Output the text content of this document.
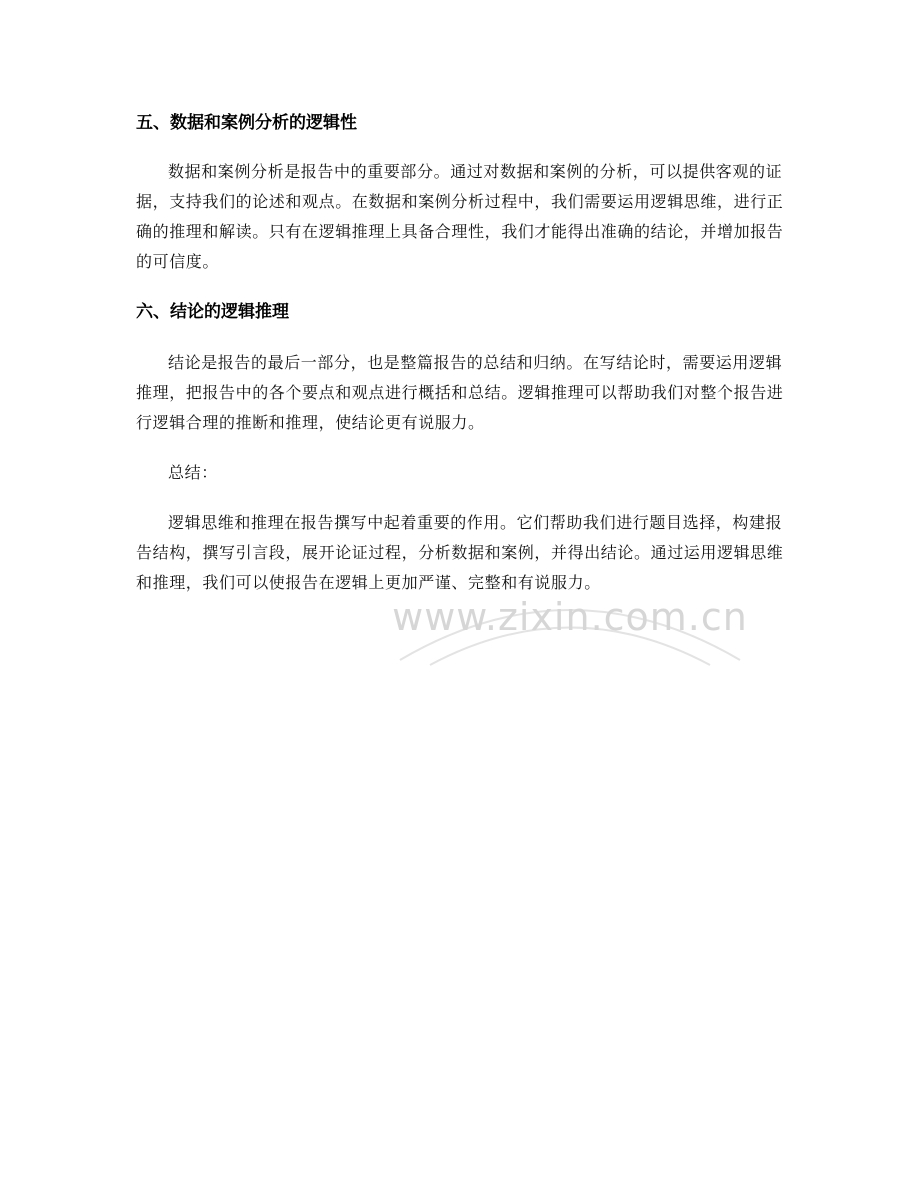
五、数据和案例分析的逻辑性

数据和案例分析是报告中的重要部分。通过对数据和案例的分析，可以提供客观的证据，支持我们的论述和观点。在数据和案例分析过程中，我们需要运用逻辑思维，进行正确的推理和解读。只有在逻辑推理上具备合理性，我们才能得出准确的结论，并增加报告的可信度。

六、结论的逻辑推理

结论是报告的最后一部分，也是整篇报告的总结和归纳。在写结论时，需要运用逻辑推理，把报告中的各个要点和观点进行概括和总结。逻辑推理可以帮助我们对整个报告进行逻辑合理的推断和推理，使结论更有说服力。

总结：

逻辑思维和推理在报告撰写中起着重要的作用。它们帮助我们进行题目选择，构建报告结构，撰写引言段，展开论证过程，分析数据和案例，并得出结论。通过运用逻辑思维和推理，我们可以使报告在逻辑上更加严谨、完整和有说服力。

www.zixin.com.cn
